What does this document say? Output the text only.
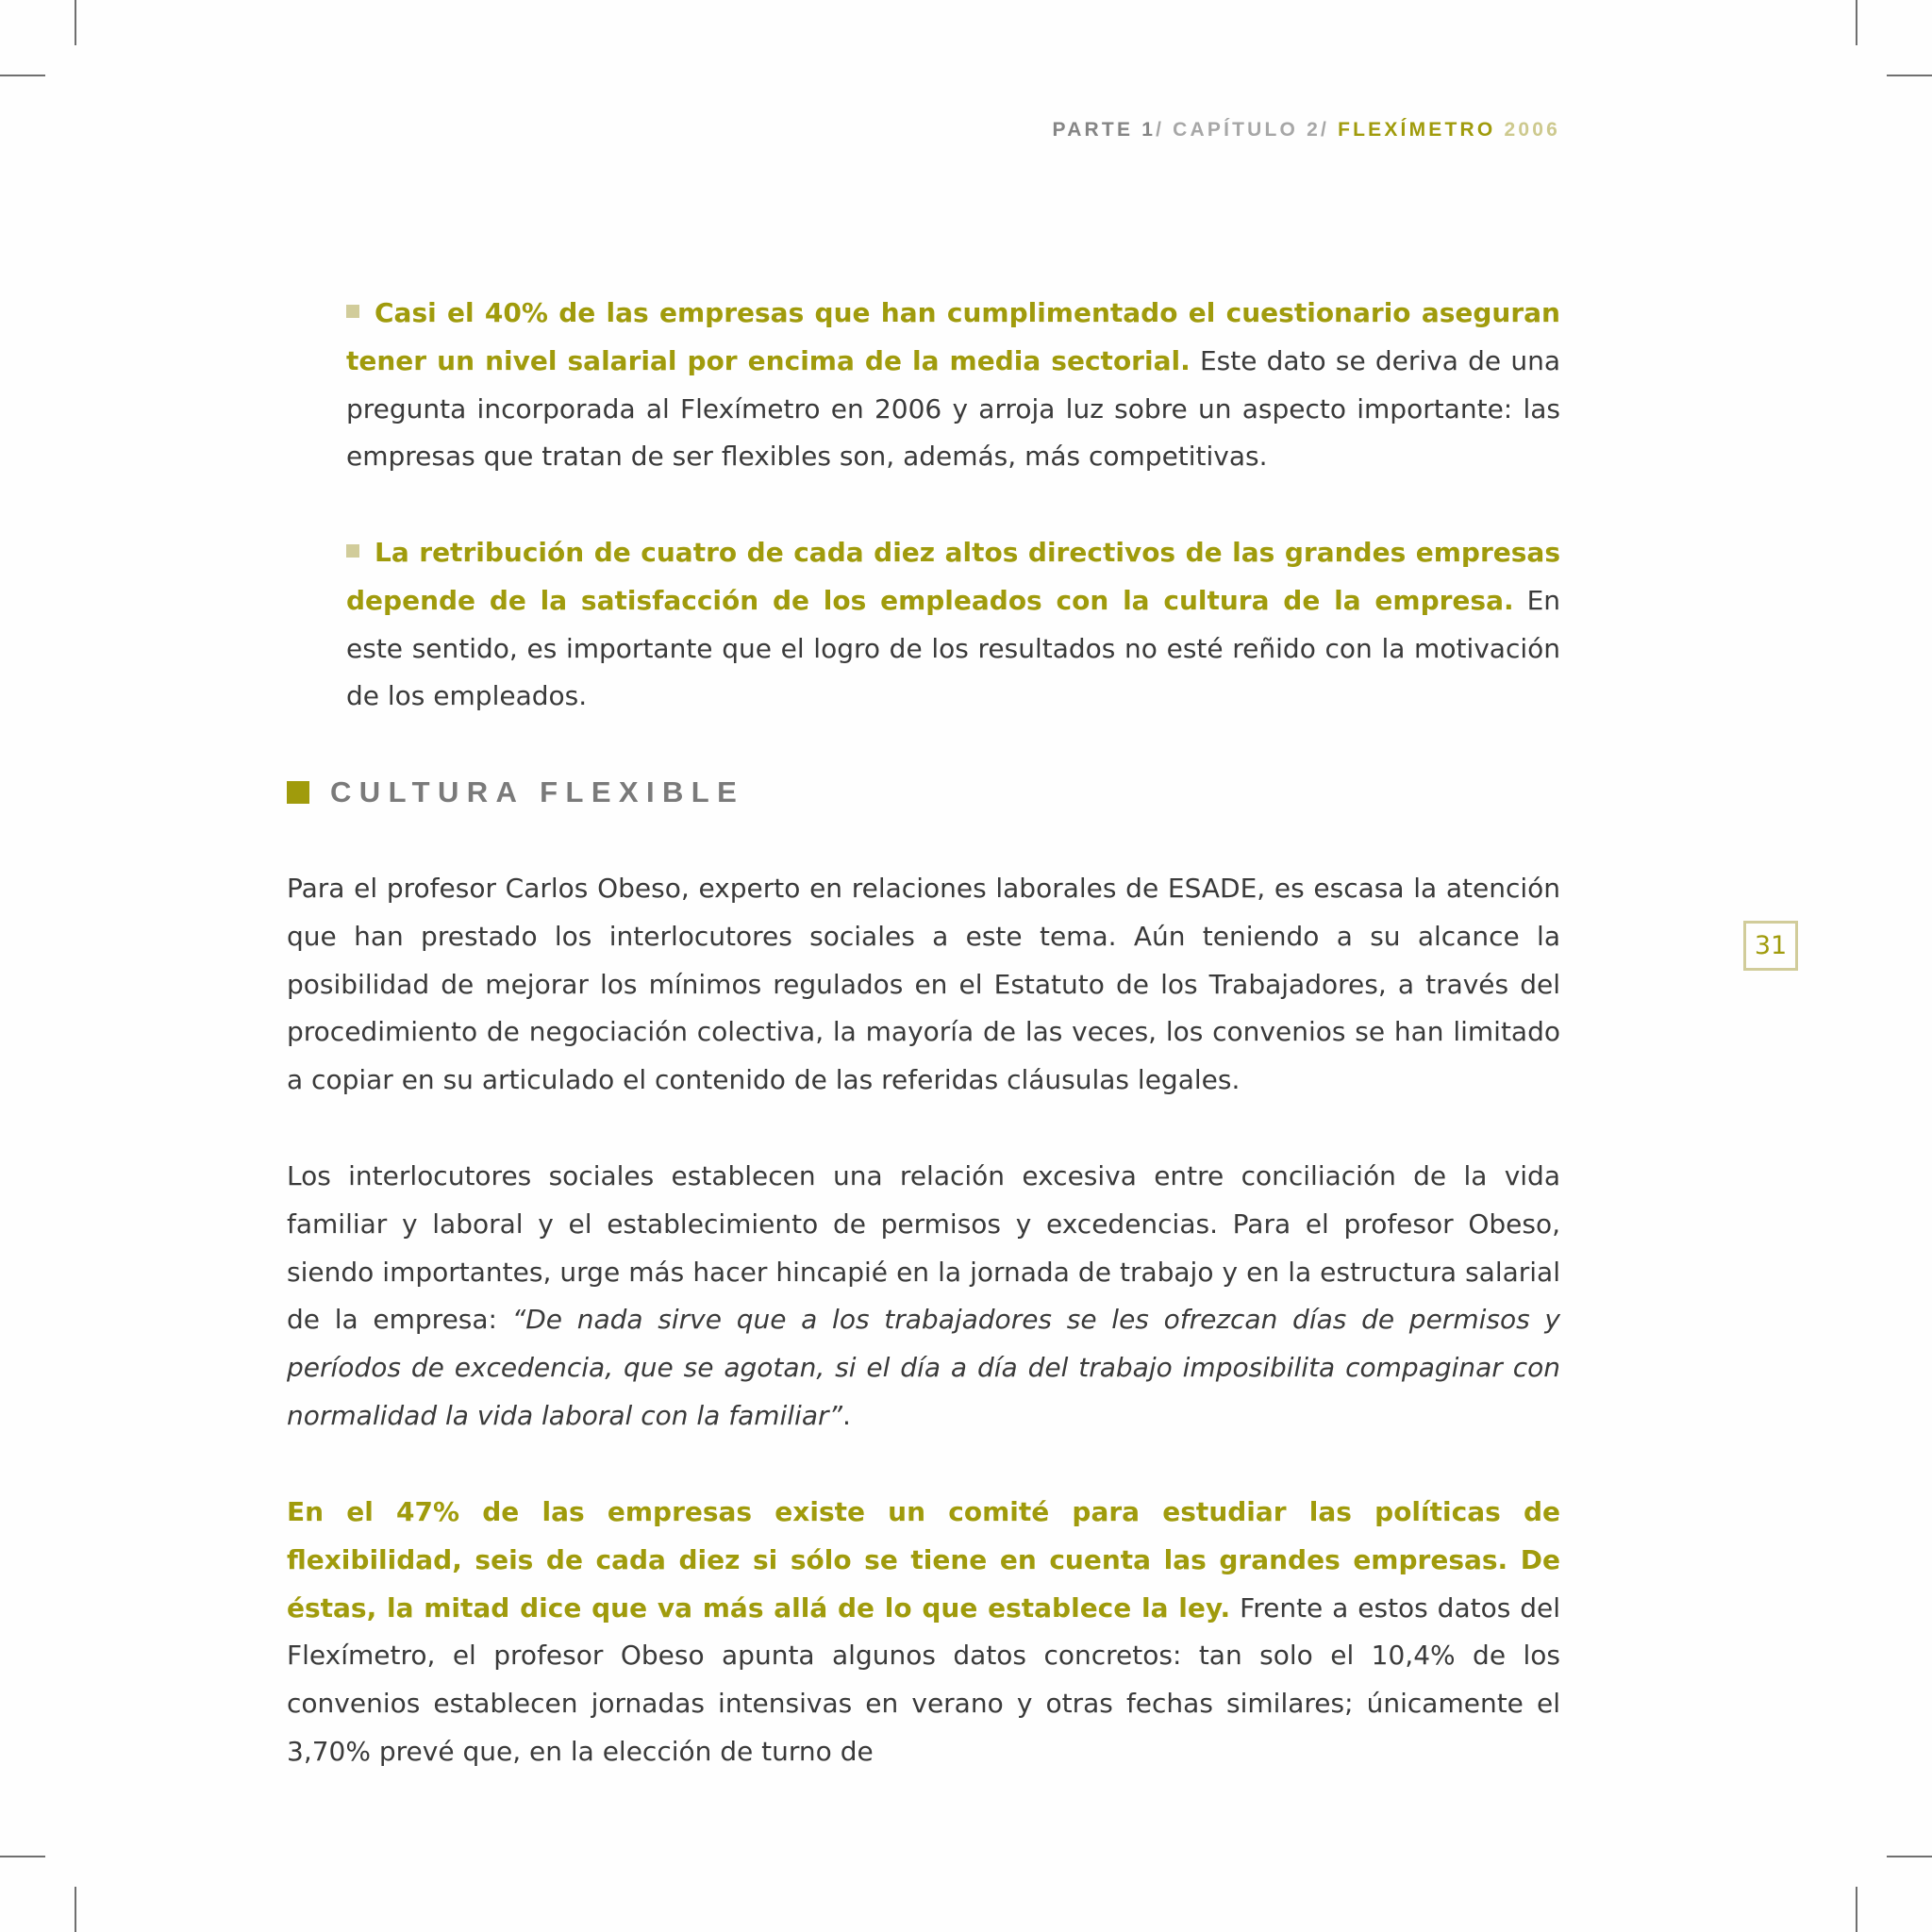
PARTE 1/ CAPÍTULO 2/ FLEXÍMETRO 2006

Casi el 40% de las empresas que han cumplimentado el cuestionario aseguran tener un nivel salarial por encima de la media sectorial. Este dato se deriva de una pregunta incorporada al Flexímetro en 2006 y arroja luz sobre un aspecto importante: las empresas que tratan de ser flexibles son, además, más competitivas.

La retribución de cuatro de cada diez altos directivos de las grandes empresas depende de la satisfacción de los empleados con la cultura de la empresa. En este sentido, es importante que el logro de los resultados no esté reñido con la motivación de los empleados.

CULTURA FLEXIBLE

Para el profesor Carlos Obeso, experto en relaciones laborales de ESADE, es escasa la atención que han prestado los interlocutores sociales a este tema. Aún teniendo a su alcance la posibilidad de mejorar los mínimos regulados en el Estatuto de los Trabajadores, a través del procedimiento de negociación colectiva, la mayoría de las veces, los convenios se han limitado a copiar en su articulado el contenido de las referidas cláusulas legales.

Los interlocutores sociales establecen una relación excesiva entre conciliación de la vida familiar y laboral y el establecimiento de permisos y excedencias. Para el profesor Obeso, siendo importantes, urge más hacer hincapié en la jornada de trabajo y en la estructura salarial de la empresa: “De nada sirve que a los trabajadores se les ofrezcan días de permisos y períodos de excedencia, que se agotan, si el día a día del trabajo imposibilita compaginar con normalidad la vida laboral con la familiar”.

En el 47% de las empresas existe un comité para estudiar las políticas de flexibilidad, seis de cada diez si sólo se tiene en cuenta las grandes empresas. De éstas, la mitad dice que va más allá de lo que establece la ley. Frente a estos datos del Flexímetro, el profesor Obeso apunta algunos datos concretos: tan solo el 10,4% de los convenios establecen jornadas intensivas en verano y otras fechas similares; únicamente el 3,70% prevé que, en la elección de turno de

31
